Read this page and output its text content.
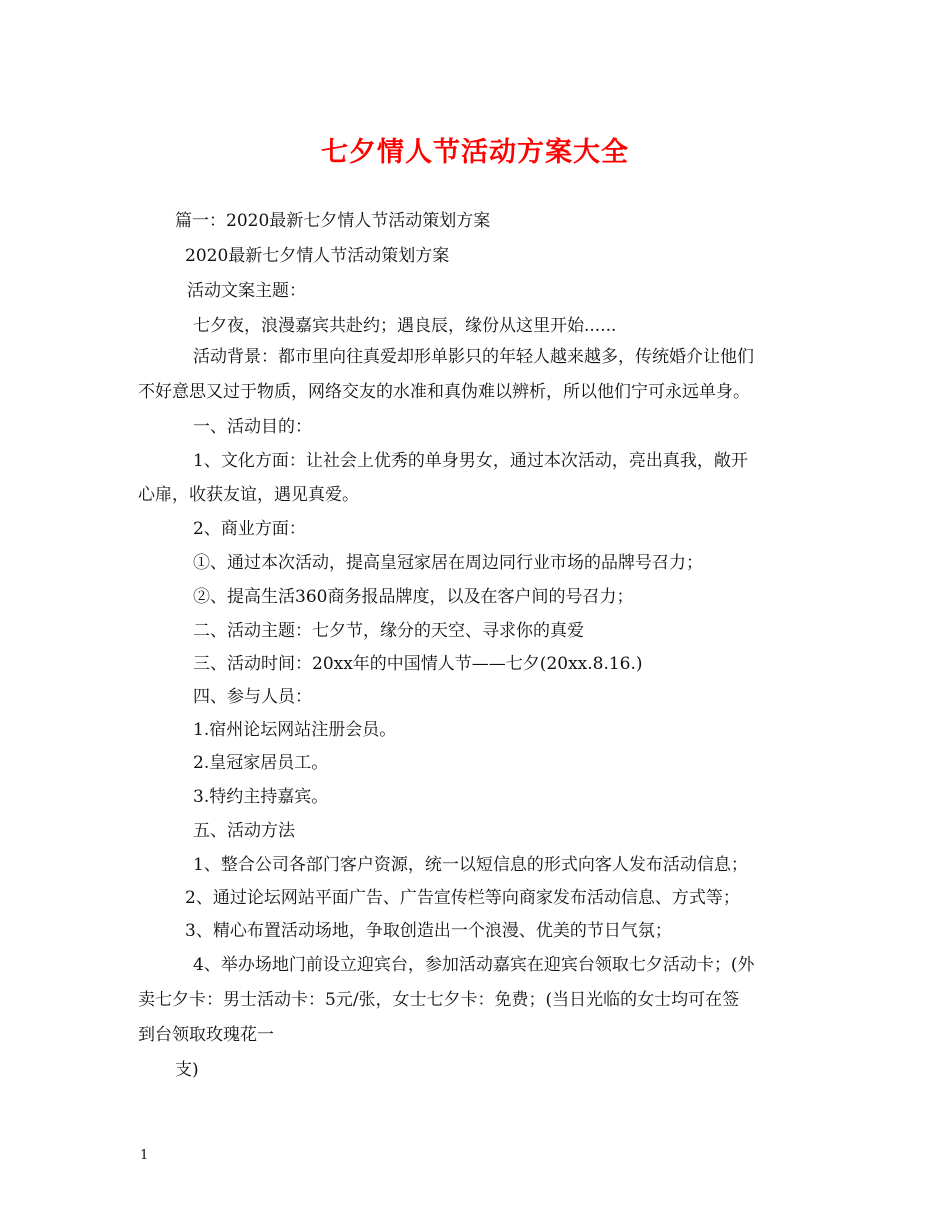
七夕情人节活动方案大全
篇一：2020最新七夕情人节活动策划方案
2020最新七夕情人节活动策划方案
活动文案主题：
七夕夜，浪漫嘉宾共赴约；遇良辰，缘份从这里开始......
活动背景：都市里向往真爱却形单影只的年轻人越来越多，传统婚介让他们
不好意思又过于物质，网络交友的水准和真伪难以辨析，所以他们宁可永远单身。
一、活动目的：
1、文化方面：让社会上优秀的单身男女，通过本次活动，亮出真我，敞开
心扉，收获友谊，遇见真爱。
2、商业方面：
①、通过本次活动，提高皇冠家居在周边同行业市场的品牌号召力；
②、提高生活360商务报品牌度，以及在客户间的号召力；
二、活动主题：七夕节，缘分的天空、寻求你的真爱
三、活动时间：20xx年的中国情人节——七夕(20xx.8.16.)
四、参与人员：
1.宿州论坛网站注册会员。
2.皇冠家居员工。
3.特约主持嘉宾。
五、活动方法
1、整合公司各部门客户资源，统一以短信息的形式向客人发布活动信息；
2、通过论坛网站平面广告、广告宣传栏等向商家发布活动信息、方式等；
3、精心布置活动场地，争取创造出一个浪漫、优美的节日气氛；
4、举办场地门前设立迎宾台，参加活动嘉宾在迎宾台领取七夕活动卡；(外
卖七夕卡：男士活动卡：5元/张，女士七夕卡：免费；(当日光临的女士均可在签
到台领取玫瑰花一
支)
1
